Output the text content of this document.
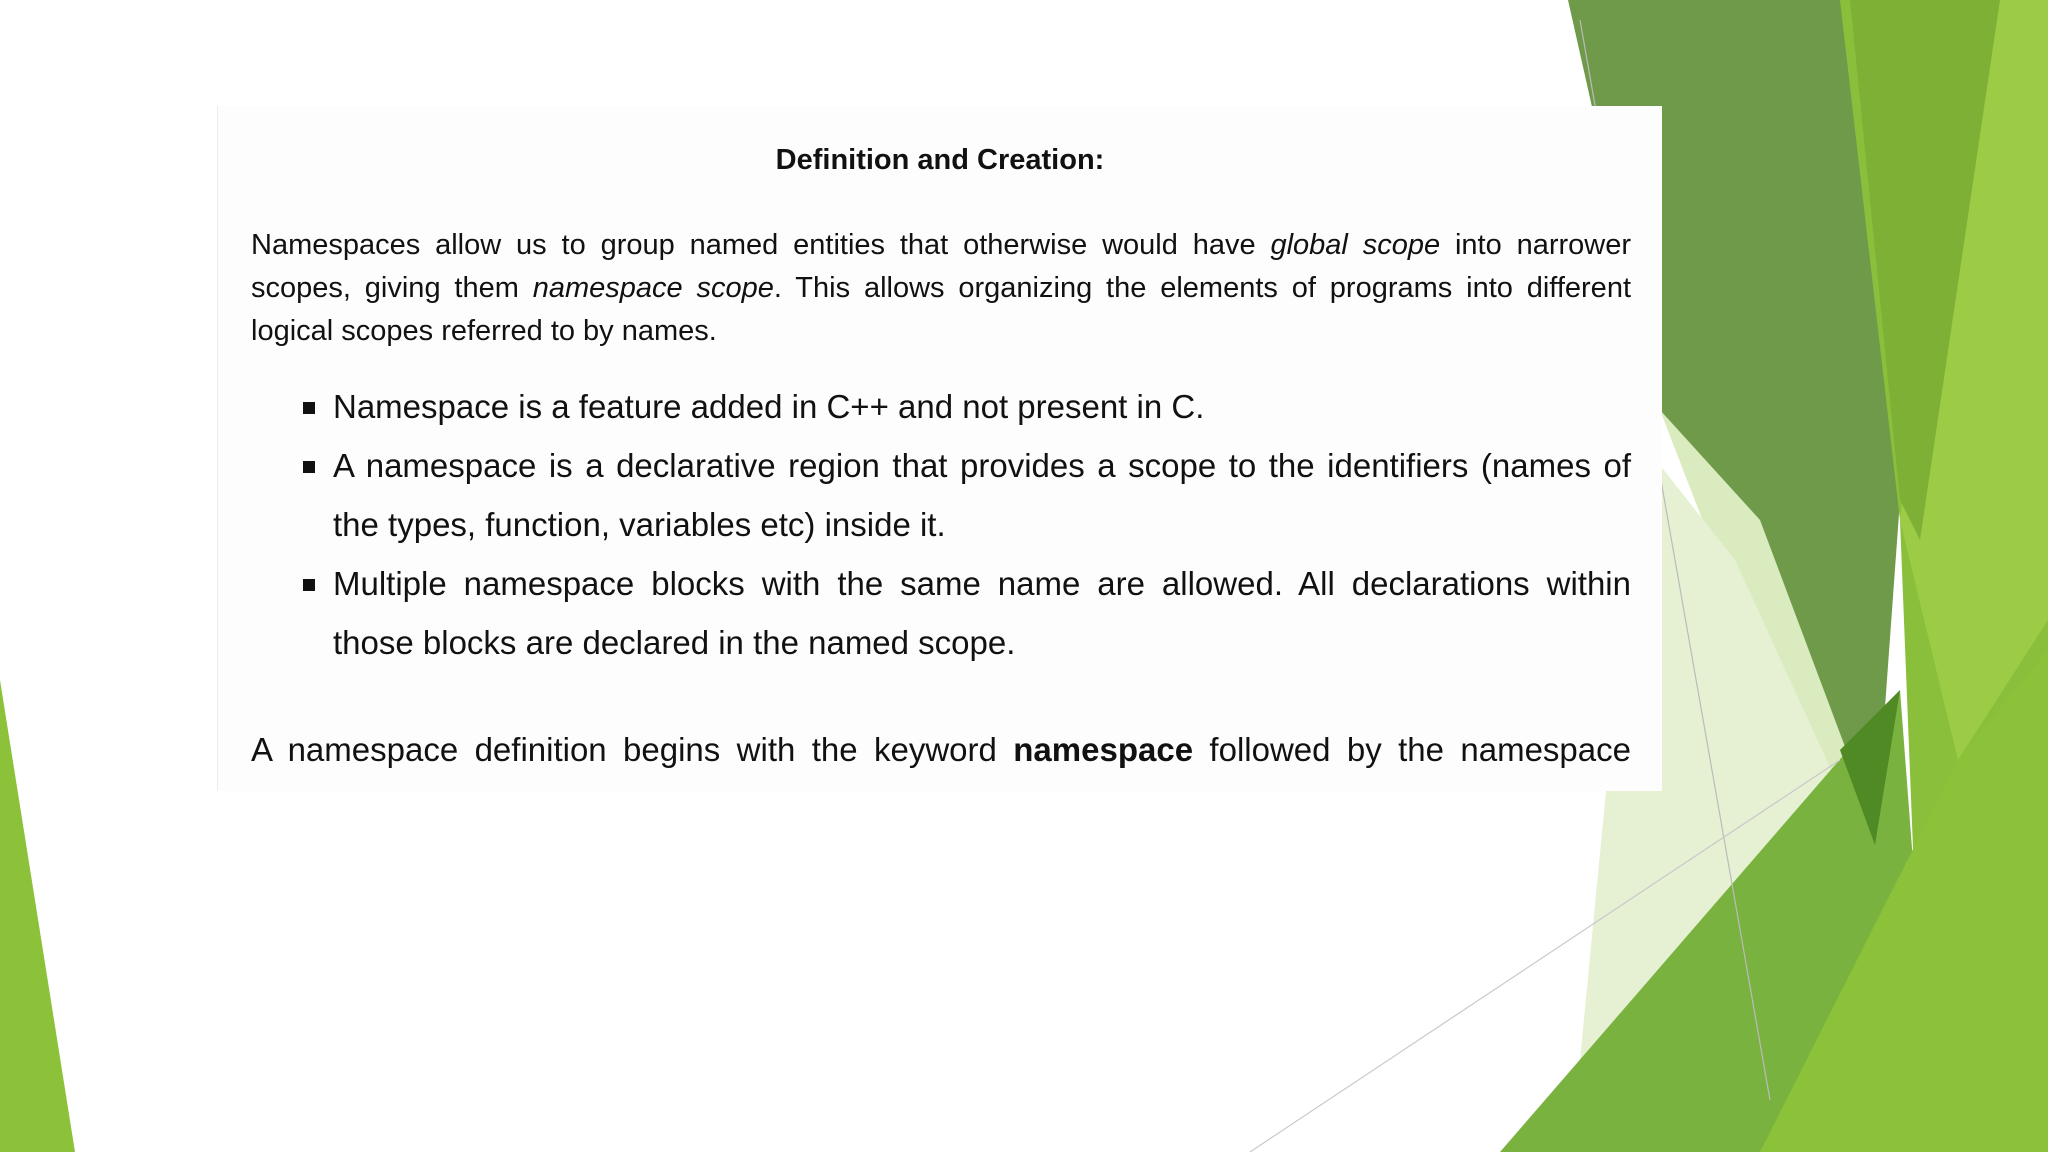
Definition and Creation:
Namespaces allow us to group named entities that otherwise would have global scope into narrower scopes, giving them namespace scope. This allows organizing the elements of programs into different logical scopes referred to by names.
Namespace is a feature added in C++ and not present in C.
A namespace is a declarative region that provides a scope to the identifiers (names of the types, function, variables etc) inside it.
Multiple namespace blocks with the same name are allowed. All declarations within those blocks are declared in the named scope.
A namespace definition begins with the keyword namespace followed by the namespace
